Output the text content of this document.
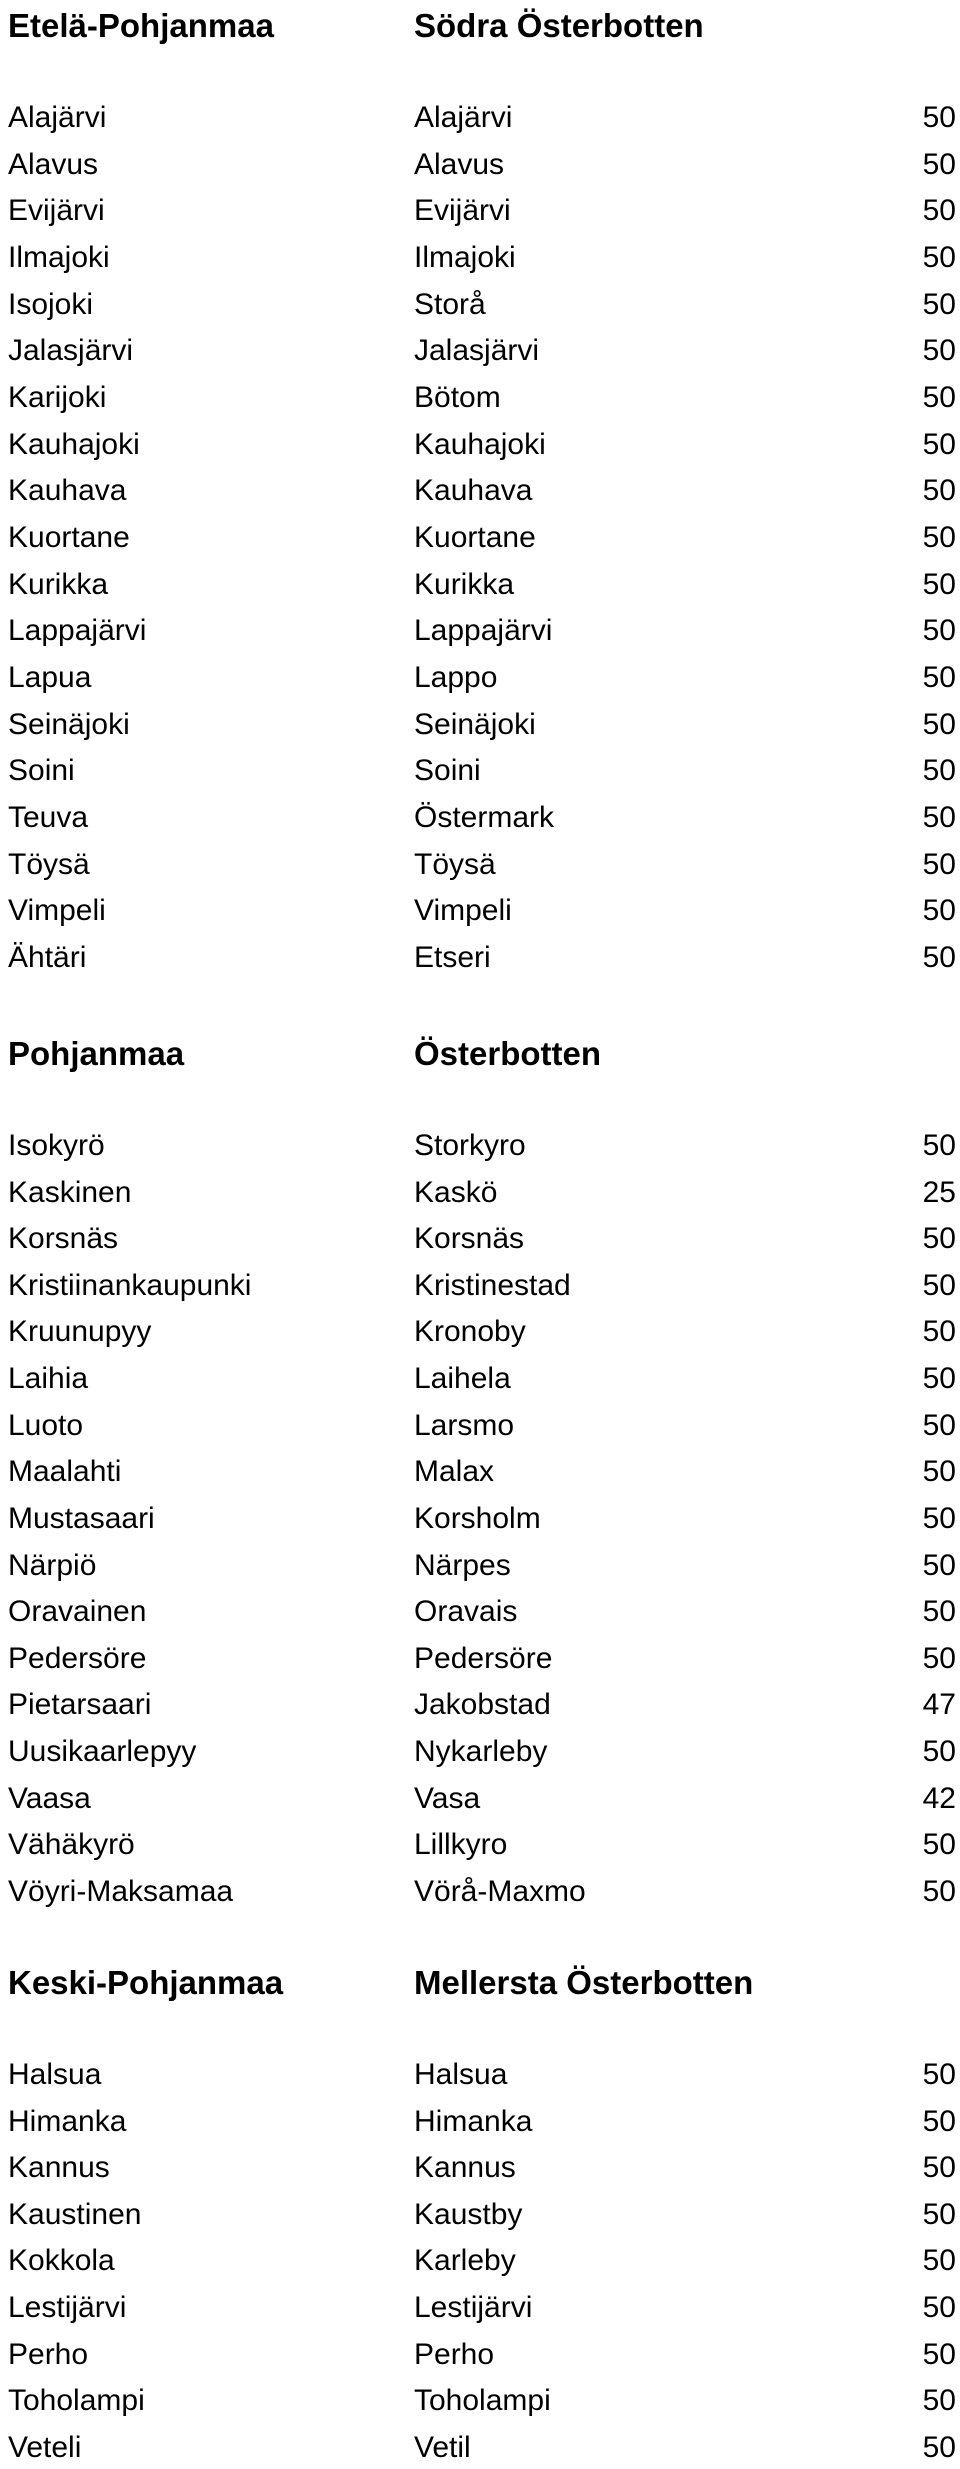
Etelä-Pohjanmaa	Södra Österbotten
Alajärvi	Alajärvi	50
Alavus	Alavus	50
Evijärvi	Evijärvi	50
Ilmajoki	Ilmajoki	50
Isojoki	Storå	50
Jalasjärvi	Jalasjärvi	50
Karijoki	Bötom	50
Kauhajoki	Kauhajoki	50
Kauhava	Kauhava	50
Kuortane	Kuortane	50
Kurikka	Kurikka	50
Lappajärvi	Lappajärvi	50
Lapua	Lappo	50
Seinäjoki	Seinäjoki	50
Soini	Soini	50
Teuva	Östermark	50
Töysä	Töysä	50
Vimpeli	Vimpeli	50
Ähtäri	Etseri	50
Pohjanmaa	Österbotten
Isokyrö	Storkyro	50
Kaskinen	Kaskö	25
Korsnäs	Korsnäs	50
Kristiinankaupunki	Kristinestad	50
Kruunupyy	Kronoby	50
Laihia	Laihela	50
Luoto	Larsmo	50
Maalahti	Malax	50
Mustasaari	Korsholm	50
Närpiö	Närpes	50
Oravainen	Oravais	50
Pedersöre	Pedersöre	50
Pietarsaari	Jakobstad	47
Uusikaarlepyy	Nykarleby	50
Vaasa	Vasa	42
Vähäkyrö	Lillkyro	50
Vöyri-Maksamaa	Vörå-Maxmo	50
Keski-Pohjanmaa	Mellersta Österbotten
Halsua	Halsua	50
Himanka	Himanka	50
Kannus	Kannus	50
Kaustinen	Kaustby	50
Kokkola	Karleby	50
Lestijärvi	Lestijärvi	50
Perho	Perho	50
Toholampi	Toholampi	50
Veteli	Vetil	50
